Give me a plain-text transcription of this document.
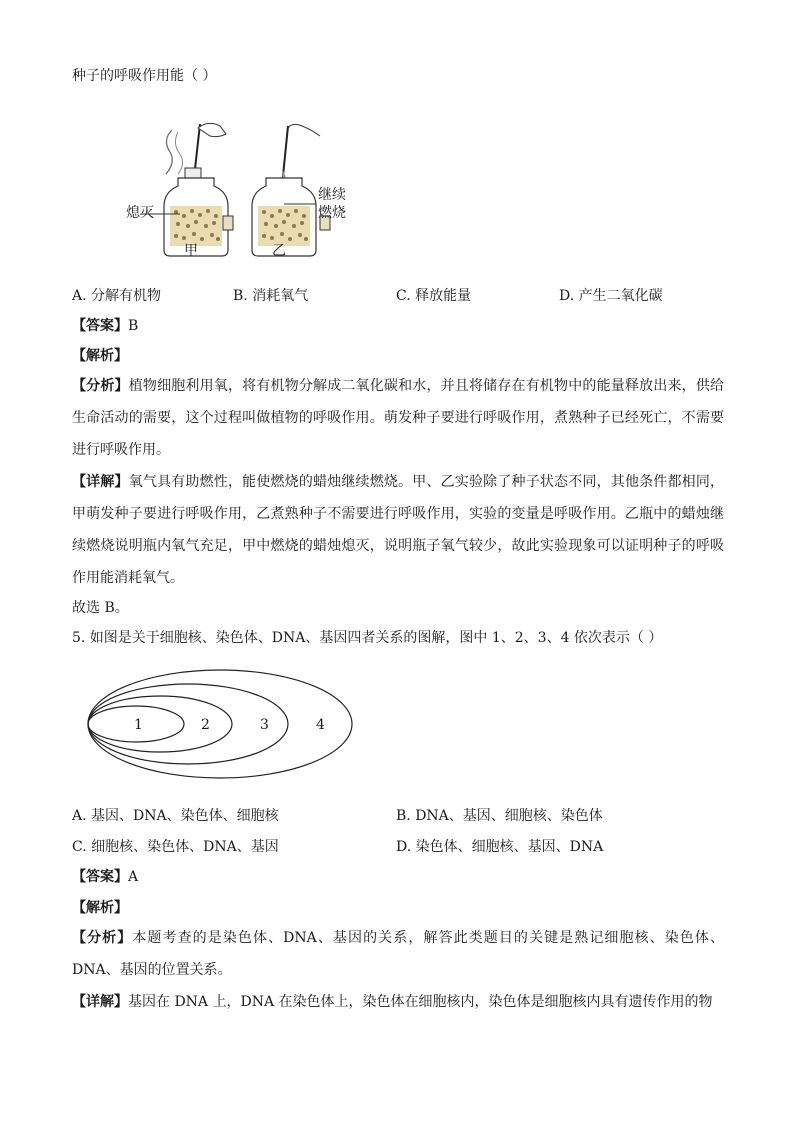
种子的呼吸作用能（ ）
熄灭
继续
燃烧
甲	乙
A. 分解有机物	B. 消耗氧气	C. 释放能量	D. 产生二氧化碳
【答案】B
【解析】
【分析】植物细胞利用氧，将有机物分解成二氧化碳和水，并且将储存在有机物中的能量释放出来，供给生命活动的需要，这个过程叫做植物的呼吸作用。萌发种子要进行呼吸作用，煮熟种子已经死亡，不需要进行呼吸作用。
【详解】氧气具有助燃性，能使燃烧的蜡烛继续燃烧。甲、乙实验除了种子状态不同，其他条件都相同，甲萌发种子要进行呼吸作用，乙煮熟种子不需要进行呼吸作用，实验的变量是呼吸作用。乙瓶中的蜡烛继续燃烧说明瓶内氧气充足，甲中燃烧的蜡烛熄灭，说明瓶子氧气较少，故此实验现象可以证明种子的呼吸作用能消耗氧气。
故选 B。
5. 如图是关于细胞核、染色体、DNA、基因四者关系的图解，图中 1、2、3、4 依次表示（ ）
1	2	3	4
A. 基因、DNA、染色体、细胞核	B. DNA、基因、细胞核、染色体
C. 细胞核、染色体、DNA、基因	D. 染色体、细胞核、基因、DNA
【答案】A
【解析】
【分析】本题考查的是染色体、DNA、基因的关系，解答此类题目的关键是熟记细胞核、染色体、DNA、基因的位置关系。
【详解】基因在 DNA 上，DNA 在染色体上，染色体在细胞核内，染色体是细胞核内具有遗传作用的物
